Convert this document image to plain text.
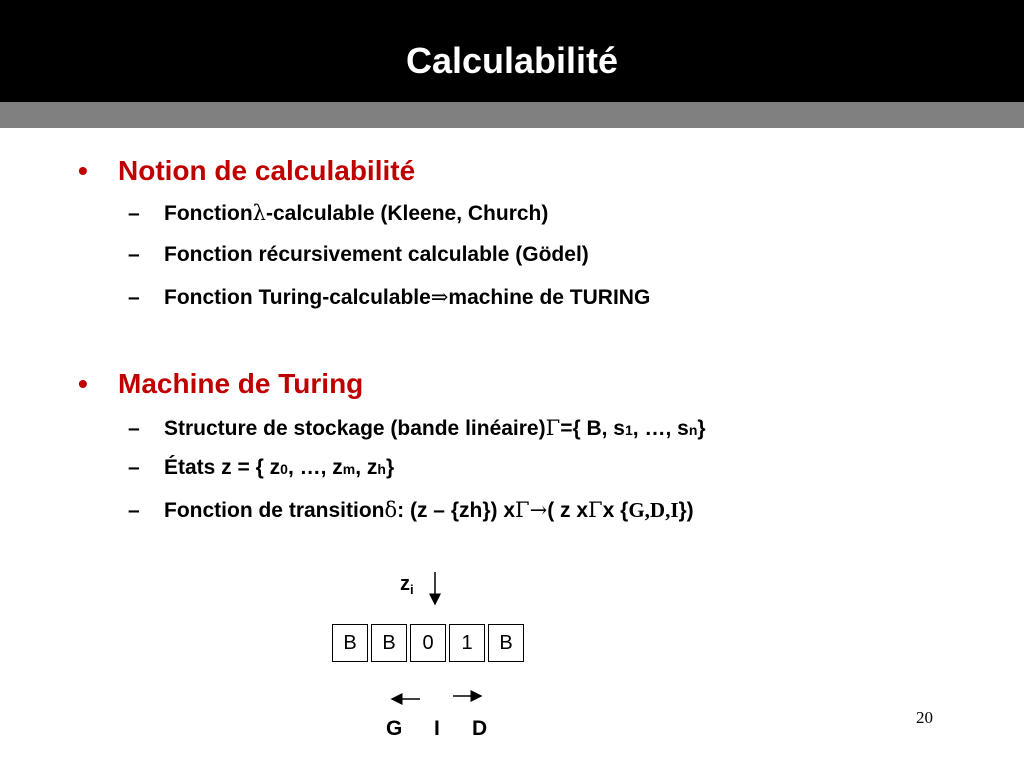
Calculabilité
•	Notion de calculabilité
–	Fonction λ -calculable (Kleene, Church)
–	Fonction récursivement calculable (Gödel)
–	Fonction Turing-calculable ⇒ machine de TURING
•	Machine de Turing
–	Structure de stockage (bande linéaire) Γ ={ B, s 1 , …, s n }
–	États z = { z 0 , …, z m , z h }
–	Fonction de transition δ : (z – {zh}) x Γ → ( z x Γ x { G,D,I })
$z_i$
B	B	0	1	B
G I D	20
